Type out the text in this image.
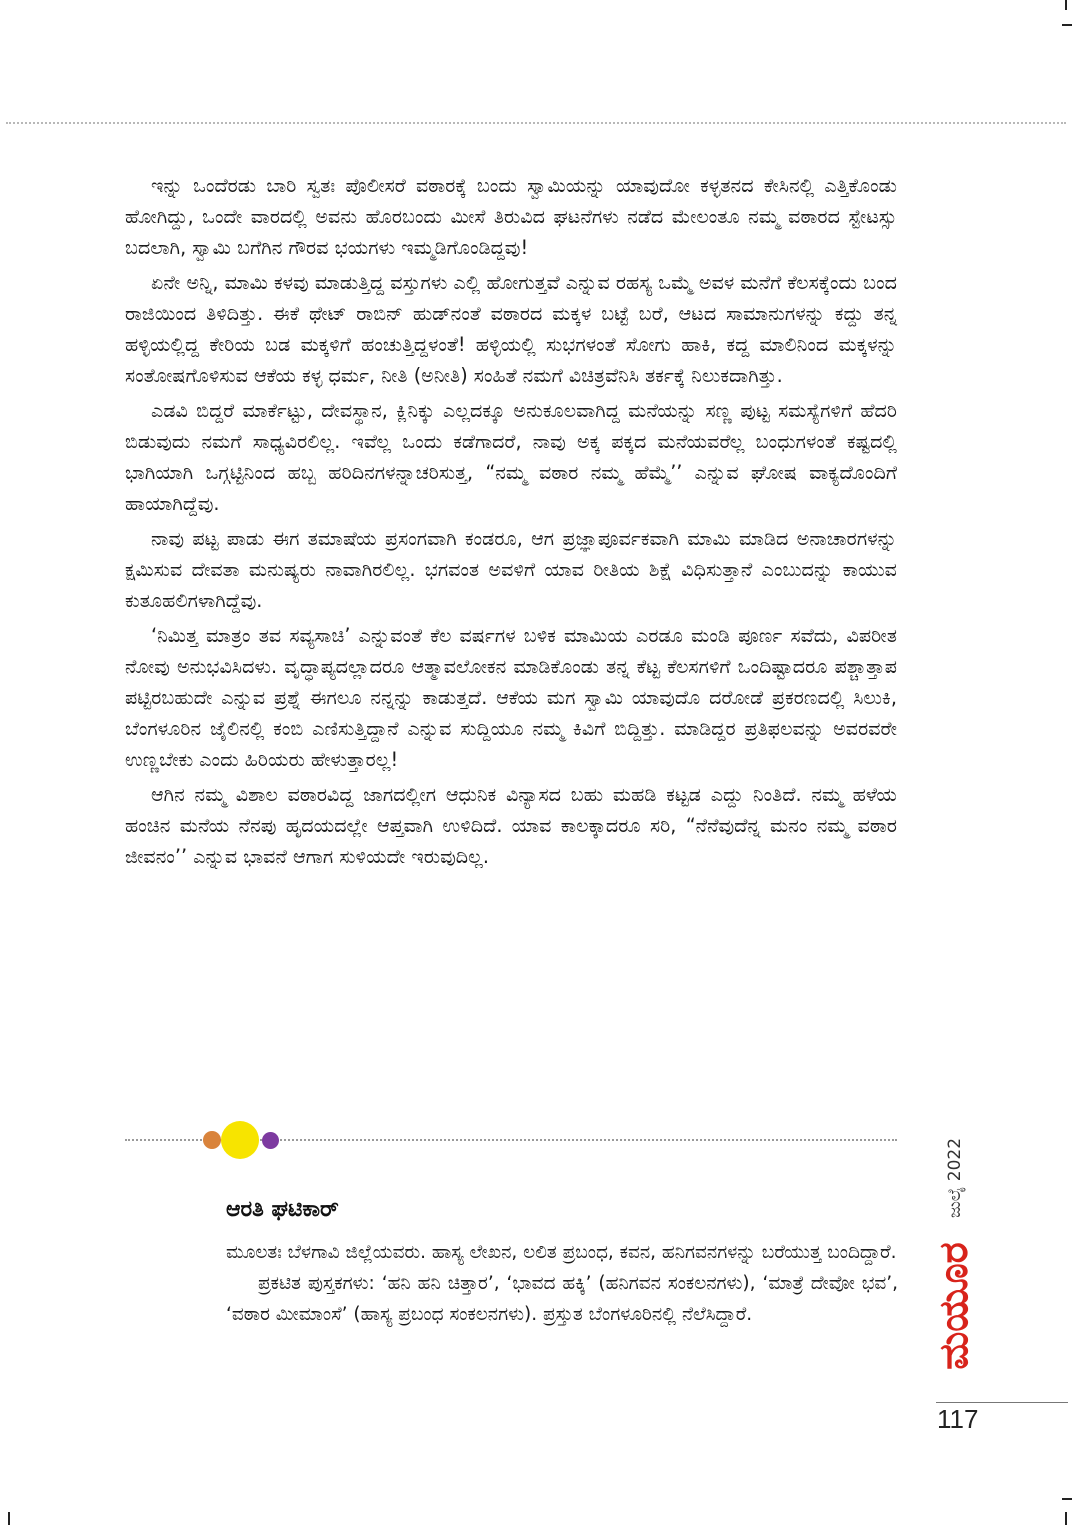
ಇನ್ನು ಒಂದೆರಡು ಬಾರಿ ಸ್ವತಃ ಪೊಲೀಸರೆ ವಠಾರಕ್ಕೆ ಬಂದು ಸ್ವಾಮಿಯನ್ನು ಯಾವುದೋ ಕಳ್ಳತನದ ಕೇಸಿನಲ್ಲಿ ಎತ್ತಿಕೊಂಡು ಹೋಗಿದ್ದು, ಒಂದೇ ವಾರದಲ್ಲಿ ಅವನು ಹೊರಬಂದು ಮೀಸೆ ತಿರುವಿದ ಘಟನೆಗಳು ನಡೆದ ಮೇಲಂತೂ ನಮ್ಮ ವಠಾರದ ಸ್ಟೇಟಸ್ಸು ಬದಲಾಗಿ, ಸ್ವಾಮಿ ಬಗೆಗಿನ ಗೌರವ ಭಯಗಳು ಇಮ್ಮಡಿಗೊಂಡಿದ್ದವು!

ಏನೇ ಅನ್ನಿ, ಮಾಮಿ ಕಳವು ಮಾಡುತ್ತಿದ್ದ ವಸ್ತುಗಳು ಎಲ್ಲಿ ಹೋಗುತ್ತವೆ ಎನ್ನುವ ರಹಸ್ಯ ಒಮ್ಮೆ ಅವಳ ಮನೆಗೆ ಕೆಲಸಕ್ಕೆಂದು ಬಂದ ರಾಜಿಯಿಂದ ತಿಳಿದಿತ್ತು. ಈಕೆ ಥೇಟ್ ರಾಬಿನ್ ಹುಡ್‌ನಂತೆ ವಠಾರದ ಮಕ್ಕಳ ಬಟ್ಟೆ ಬರೆ, ಆಟದ ಸಾಮಾನುಗಳನ್ನು ಕದ್ದು ತನ್ನ ಹಳ್ಳಿಯಲ್ಲಿದ್ದ ಕೇರಿಯ ಬಡ ಮಕ್ಕಳಿಗೆ ಹಂಚುತ್ತಿದ್ದಳಂತೆ! ಹಳ್ಳಿಯಲ್ಲಿ ಸುಭಗಳಂತೆ ಸೋಗು ಹಾಕಿ, ಕದ್ದ ಮಾಲಿನಿಂದ ಮಕ್ಕಳನ್ನು ಸಂತೋಷಗೊಳಿಸುವ ಆಕೆಯ ಕಳ್ಳ ಧರ್ಮ, ನೀತಿ (ಅನೀತಿ) ಸಂಹಿತೆ ನಮಗೆ ವಿಚಿತ್ರವೆನಿಸಿ ತರ್ಕಕ್ಕೆ ನಿಲುಕದಾಗಿತ್ತು.

ಎಡವಿ ಬಿದ್ದರೆ ಮಾರ್ಕೆಟ್ಟು, ದೇವಸ್ಥಾನ, ಕ್ಲಿನಿಕ್ಕು ಎಲ್ಲದಕ್ಕೂ ಅನುಕೂಲವಾಗಿದ್ದ ಮನೆಯನ್ನು ಸಣ್ಣ ಪುಟ್ಟ ಸಮಸ್ಯೆಗಳಿಗೆ ಹೆದರಿ ಬಿಡುವುದು ನಮಗೆ ಸಾಧ್ಯವಿರಲಿಲ್ಲ. ಇವೆಲ್ಲ ಒಂದು ಕಡೆಗಾದರೆ, ನಾವು ಅಕ್ಕ ಪಕ್ಕದ ಮನೆಯವರೆಲ್ಲ ಬಂಧುಗಳಂತೆ ಕಷ್ಟದಲ್ಲಿ ಭಾಗಿಯಾಗಿ ಒಗ್ಗಟ್ಟಿನಿಂದ ಹಬ್ಬ ಹರಿದಿನಗಳನ್ನಾಚರಿಸುತ್ತ, “ನಮ್ಮ ವಠಾರ ನಮ್ಮ ಹೆಮ್ಮೆ’’ ಎನ್ನುವ ಘೋಷ ವಾಕ್ಯದೊಂದಿಗೆ ಹಾಯಾಗಿದ್ದೆವು.

ನಾವು ಪಟ್ಟ ಪಾಡು ಈಗ ತಮಾಷೆಯ ಪ್ರಸಂಗವಾಗಿ ಕಂಡರೂ, ಆಗ ಪ್ರಜ್ಞಾಪೂರ್ವಕವಾಗಿ ಮಾಮಿ ಮಾಡಿದ ಅನಾಚಾರಗಳನ್ನು ಕ್ಷಮಿಸುವ ದೇವತಾ ಮನುಷ್ಯರು ನಾವಾಗಿರಲಿಲ್ಲ. ಭಗವಂತ ಅವಳಿಗೆ ಯಾವ ರೀತಿಯ ಶಿಕ್ಷೆ ವಿಧಿಸುತ್ತಾನೆ ಎಂಬುದನ್ನು ಕಾಯುವ ಕುತೂಹಲಿಗಳಾಗಿದ್ದೆವು.

‘ನಿಮಿತ್ತ ಮಾತ್ರಂ ತವ ಸವ್ಯಸಾಚಿ’ ಎನ್ನುವಂತೆ ಕೆಲ ವರ್ಷಗಳ ಬಳಿಕ ಮಾಮಿಯ ಎರಡೂ ಮಂಡಿ ಪೂರ್ಣ ಸವೆದು, ವಿಪರೀತ ನೋವು ಅನುಭವಿಸಿದಳು. ವೃದ್ಧಾಪ್ಯದಲ್ಲಾದರೂ ಆತ್ಮಾವಲೋಕನ ಮಾಡಿಕೊಂಡು ತನ್ನ ಕೆಟ್ಟ ಕೆಲಸಗಳಿಗೆ ಒಂದಿಷ್ಟಾದರೂ ಪಶ್ಚಾತ್ತಾಪ ಪಟ್ಟಿರಬಹುದೇ ಎನ್ನುವ ಪ್ರಶ್ನೆ ಈಗಲೂ ನನ್ನನ್ನು ಕಾಡುತ್ತದೆ. ಆಕೆಯ ಮಗ ಸ್ವಾಮಿ ಯಾವುದೊ ದರೋಡೆ ಪ್ರಕರಣದಲ್ಲಿ ಸಿಲುಕಿ, ಬೆಂಗಳೂರಿನ ಜೈಲಿನಲ್ಲಿ ಕಂಬಿ ಎಣಿಸುತ್ತಿದ್ದಾನೆ ಎನ್ನುವ ಸುದ್ದಿಯೂ ನಮ್ಮ ಕಿವಿಗೆ ಬಿದ್ದಿತ್ತು. ಮಾಡಿದ್ದರ ಪ್ರತಿಫಲವನ್ನು ಅವರವರೇ ಉಣ್ಣಬೇಕು ಎಂದು ಹಿರಿಯರು ಹೇಳುತ್ತಾರಲ್ಲ!

ಆಗಿನ ನಮ್ಮ ವಿಶಾಲ ವಠಾರವಿದ್ದ ಜಾಗದಲ್ಲೀಗ ಆಧುನಿಕ ವಿನ್ಯಾಸದ ಬಹು ಮಹಡಿ ಕಟ್ಟಡ ಎದ್ದು ನಿಂತಿದೆ. ನಮ್ಮ ಹಳೆಯ ಹಂಚಿನ ಮನೆಯ ನೆನಪು ಹೃದಯದಲ್ಲೇ ಆಪ್ತವಾಗಿ ಉಳಿದಿದೆ. ಯಾವ ಕಾಲಕ್ಕಾದರೂ ಸರಿ, “ನೆನೆವುದೆನ್ನ ಮನಂ ನಮ್ಮ ವಠಾರ ಜೀವನಂ’’ ಎನ್ನುವ ಭಾವನೆ ಆಗಾಗ ಸುಳಿಯದೇ ಇರುವುದಿಲ್ಲ.

ಆರತಿ ಘಟಿಕಾರ್

ಮೂಲತಃ ಬೆಳಗಾವಿ ಜಿಲ್ಲೆಯವರು. ಹಾಸ್ಯ ಲೇಖನ, ಲಲಿತ ಪ್ರಬಂಧ, ಕವನ, ಹನಿಗವನಗಳನ್ನು ಬರೆಯುತ್ತ ಬಂದಿದ್ದಾರೆ.

ಪ್ರಕಟಿತ ಪುಸ್ತಕಗಳು: ‘ಹನಿ ಹನಿ ಚಿತ್ತಾರ’, ‘ಭಾವದ ಹಕ್ಕಿ’ (ಹನಿಗವನ ಸಂಕಲನಗಳು), ‘ಮಾತ್ರೆ ದೇವೋ ಭವ’, ‘ವಠಾರ ಮೀಮಾಂಸೆ’ (ಹಾಸ್ಯ ಪ್ರಬಂಧ ಸಂಕಲನಗಳು). ಪ್ರಸ್ತುತ ಬೆಂಗಳೂರಿನಲ್ಲಿ ನೆಲೆಸಿದ್ದಾರೆ.

ಜುಲೈ 2022
ಮಯೂರ
117
